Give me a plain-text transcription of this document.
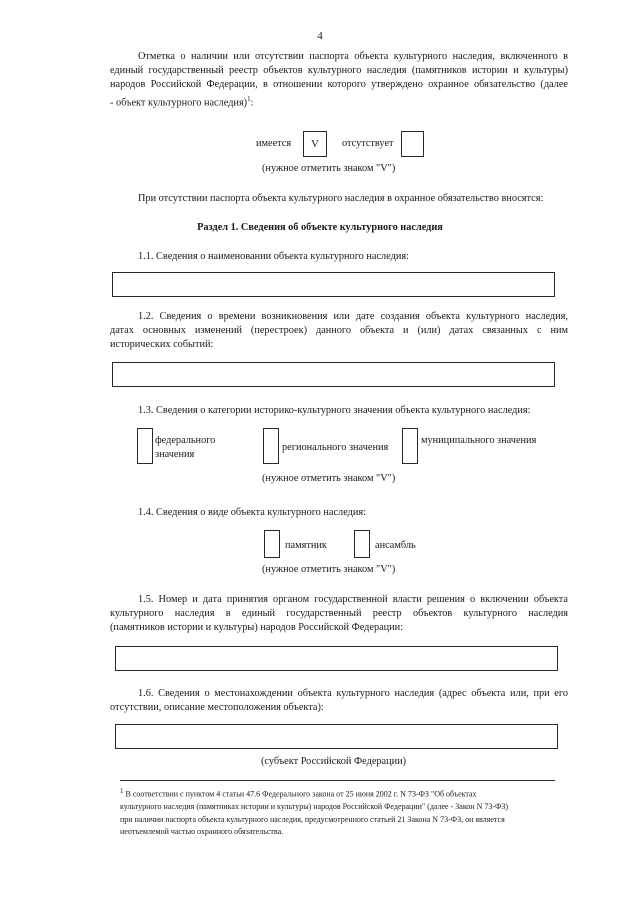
4

Отметка о наличии или отсутствии паспорта объекта культурного наследия, включенного в

единый государственный реестр объектов культурного наследия (памятников истории и культуры)

народов Российской Федерации, в отношении которого утверждено охранное обязательство (далее

- объект культурного наследия)$^1$:

имеется	V	отсутствует
(нужное отметить знаком "V")

При отсутствии паспорта объекта культурного наследия в охранное обязательство вносятся:

Раздел 1. Сведения об объекте культурного наследия

1.1. Сведения о наименовании объекта культурного наследия:

1.2. Сведения о времени возникновения или дате создания объекта культурного наследия,

датах основных изменений (перестроек) данного объекта и (или) датах связанных с ним

исторических событий:

1.3. Сведения о категории историко-культурного значения объекта культурного наследия:

федерального
значения
регионального значения
муниципального значения
(нужное отметить знаком "V")

1.4. Сведения о виде объекта культурного наследия:

памятник	ансамбль
(нужное отметить знаком "V")

1.5. Номер и дата принятия органом государственной власти решения о включении объекта

культурного наследия в единый государственный реестр объектов культурного наследия

(памятников истории и культуры) народов Российской Федерации:

1.6. Сведения о местонахождении объекта культурного наследия (адрес объекта или, при его

отсутствии, описание местоположения объекта):

(субъект Российской Федерации)
$^1$ В соответствии с пунктом 4 статьи 47.6 Федерального закона от 25 июня 2002 г. N 73-ФЗ "Об объектах
культурного наследия (памятниках истории и культуры) народов Российской Федерации" (далее - Закон N 73-ФЗ)
при наличии паспорта объекта культурного наследия, предусмотренного статьей 21 Закона N 73-ФЗ, он является
неотъемлемой частью охранного обязательства.
